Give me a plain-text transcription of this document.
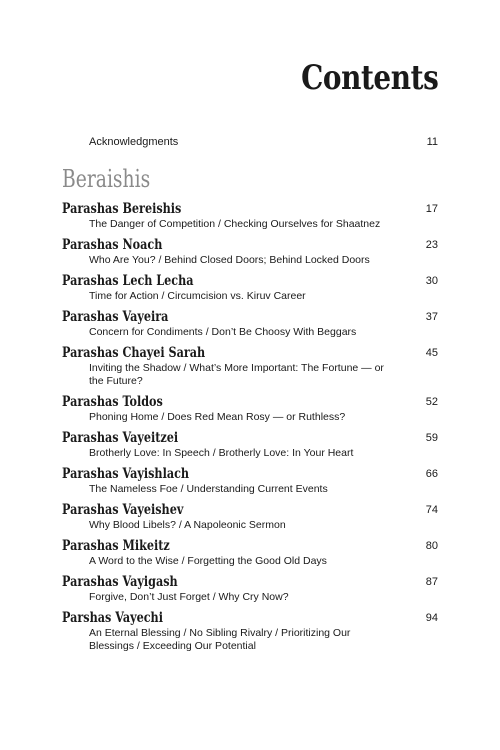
Contents
Acknowledgments	11
Beraishis
Parashas Bereishis
The Danger of Competition / Checking Ourselves for Shaatnez
17
Parashas Noach
Who Are You? / Behind Closed Doors; Behind Locked Doors
23
Parashas Lech Lecha
Time for Action / Circumcision vs. Kiruv Career
30
Parashas Vayeira
Concern for Condiments / Don’t Be Choosy With Beggars
37
Parashas Chayei Sarah
Inviting the Shadow / What’s More Important: The Fortune — or the Future?
45
Parashas Toldos
Phoning Home / Does Red Mean Rosy — or Ruthless?
52
Parashas Vayeitzei
Brotherly Love: In Speech / Brotherly Love: In Your Heart
59
Parashas Vayishlach
The Nameless Foe / Understanding Current Events
66
Parashas Vayeishev
Why Blood Libels? / A Napoleonic Sermon
74
Parashas Mikeitz
A Word to the Wise / Forgetting the Good Old Days
80
Parashas Vayigash
Forgive, Don’t Just Forget / Why Cry Now?
87
Parshas Vayechi
An Eternal Blessing / No Sibling Rivalry / Prioritizing Our Blessings / Exceeding Our Potential
94
